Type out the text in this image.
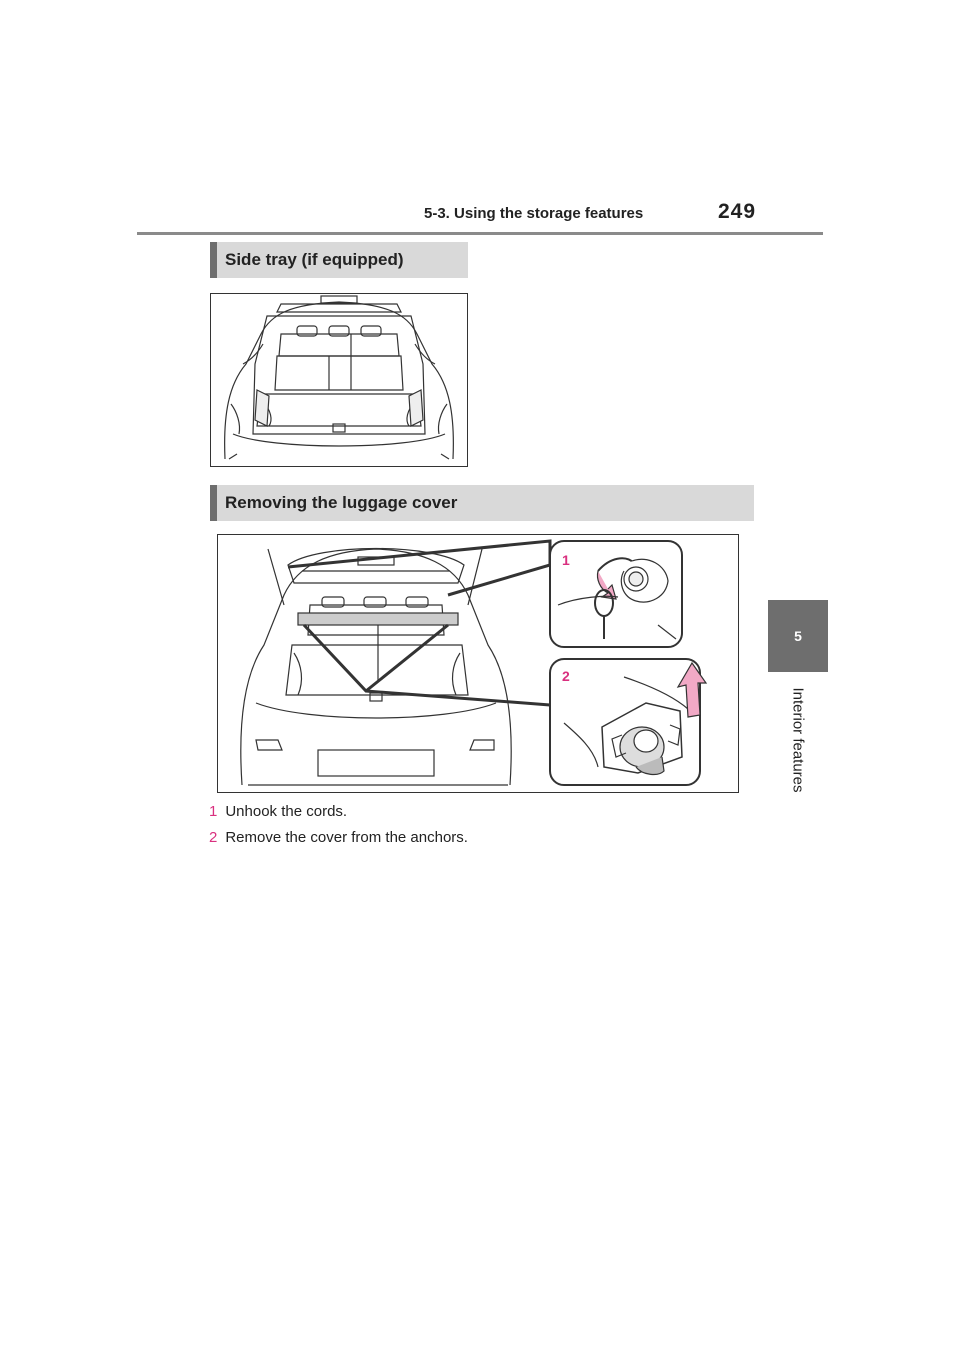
5-3. Using the storage features	249
5
Interior features
Side tray (if equipped)
Removing the luggage cover
1
2
1 Unhook the cords.
2 Remove the cover from the anchors.
